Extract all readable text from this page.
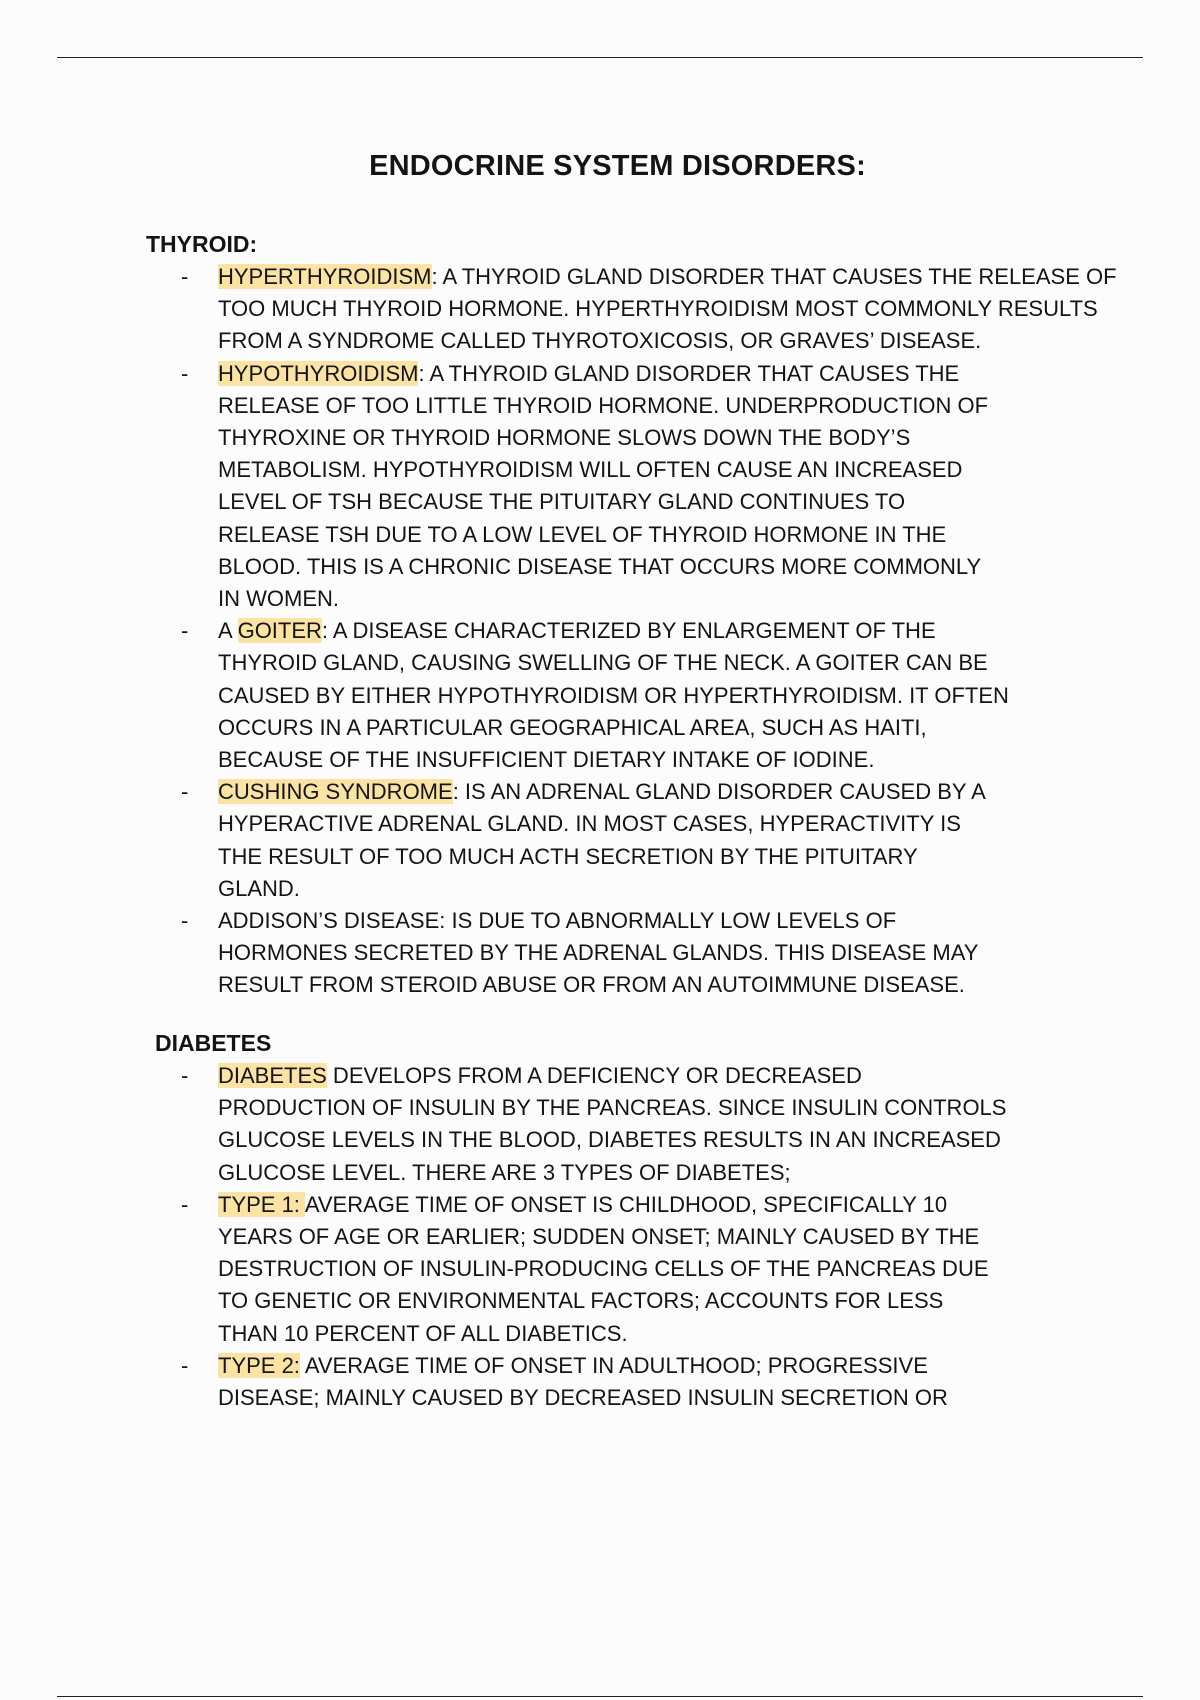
ENDOCRINE SYSTEM DISORDERS:
THYROID:
- HYPERTHYROIDISM: A THYROID GLAND DISORDER THAT CAUSES THE RELEASE OF
TOO MUCH THYROID HORMONE. HYPERTHYROIDISM MOST COMMONLY RESULTS
FROM A SYNDROME CALLED THYROTOXICOSIS, OR GRAVES’ DISEASE.
- HYPOTHYROIDISM: A THYROID GLAND DISORDER THAT CAUSES THE
RELEASE OF TOO LITTLE THYROID HORMONE. UNDERPRODUCTION OF
THYROXINE OR THYROID HORMONE SLOWS DOWN THE BODY’S
METABOLISM. HYPOTHYROIDISM WILL OFTEN CAUSE AN INCREASED
LEVEL OF TSH BECAUSE THE PITUITARY GLAND CONTINUES TO
RELEASE TSH DUE TO A LOW LEVEL OF THYROID HORMONE IN THE
BLOOD. THIS IS A CHRONIC DISEASE THAT OCCURS MORE COMMONLY
IN WOMEN.
- A GOITER: A DISEASE CHARACTERIZED BY ENLARGEMENT OF THE
THYROID GLAND, CAUSING SWELLING OF THE NECK. A GOITER CAN BE
CAUSED BY EITHER HYPOTHYROIDISM OR HYPERTHYROIDISM. IT OFTEN
OCCURS IN A PARTICULAR GEOGRAPHICAL AREA, SUCH AS HAITI,
BECAUSE OF THE INSUFFICIENT DIETARY INTAKE OF IODINE.
- CUSHING SYNDROME: IS AN ADRENAL GLAND DISORDER CAUSED BY A
HYPERACTIVE ADRENAL GLAND. IN MOST CASES, HYPERACTIVITY IS
THE RESULT OF TOO MUCH ACTH SECRETION BY THE PITUITARY
GLAND.
- ADDISON’S DISEASE: IS DUE TO ABNORMALLY LOW LEVELS OF
HORMONES SECRETED BY THE ADRENAL GLANDS. THIS DISEASE MAY
RESULT FROM STEROID ABUSE OR FROM AN AUTOIMMUNE DISEASE.
DIABETES
- DIABETES DEVELOPS FROM A DEFICIENCY OR DECREASED
PRODUCTION OF INSULIN BY THE PANCREAS. SINCE INSULIN CONTROLS
GLUCOSE LEVELS IN THE BLOOD, DIABETES RESULTS IN AN INCREASED
GLUCOSE LEVEL. THERE ARE 3 TYPES OF DIABETES;
- TYPE 1: AVERAGE TIME OF ONSET IS CHILDHOOD, SPECIFICALLY 10
YEARS OF AGE OR EARLIER; SUDDEN ONSET; MAINLY CAUSED BY THE
DESTRUCTION OF INSULIN-PRODUCING CELLS OF THE PANCREAS DUE
TO GENETIC OR ENVIRONMENTAL FACTORS; ACCOUNTS FOR LESS
THAN 10 PERCENT OF ALL DIABETICS.
- TYPE 2: AVERAGE TIME OF ONSET IN ADULTHOOD; PROGRESSIVE
DISEASE; MAINLY CAUSED BY DECREASED INSULIN SECRETION OR
